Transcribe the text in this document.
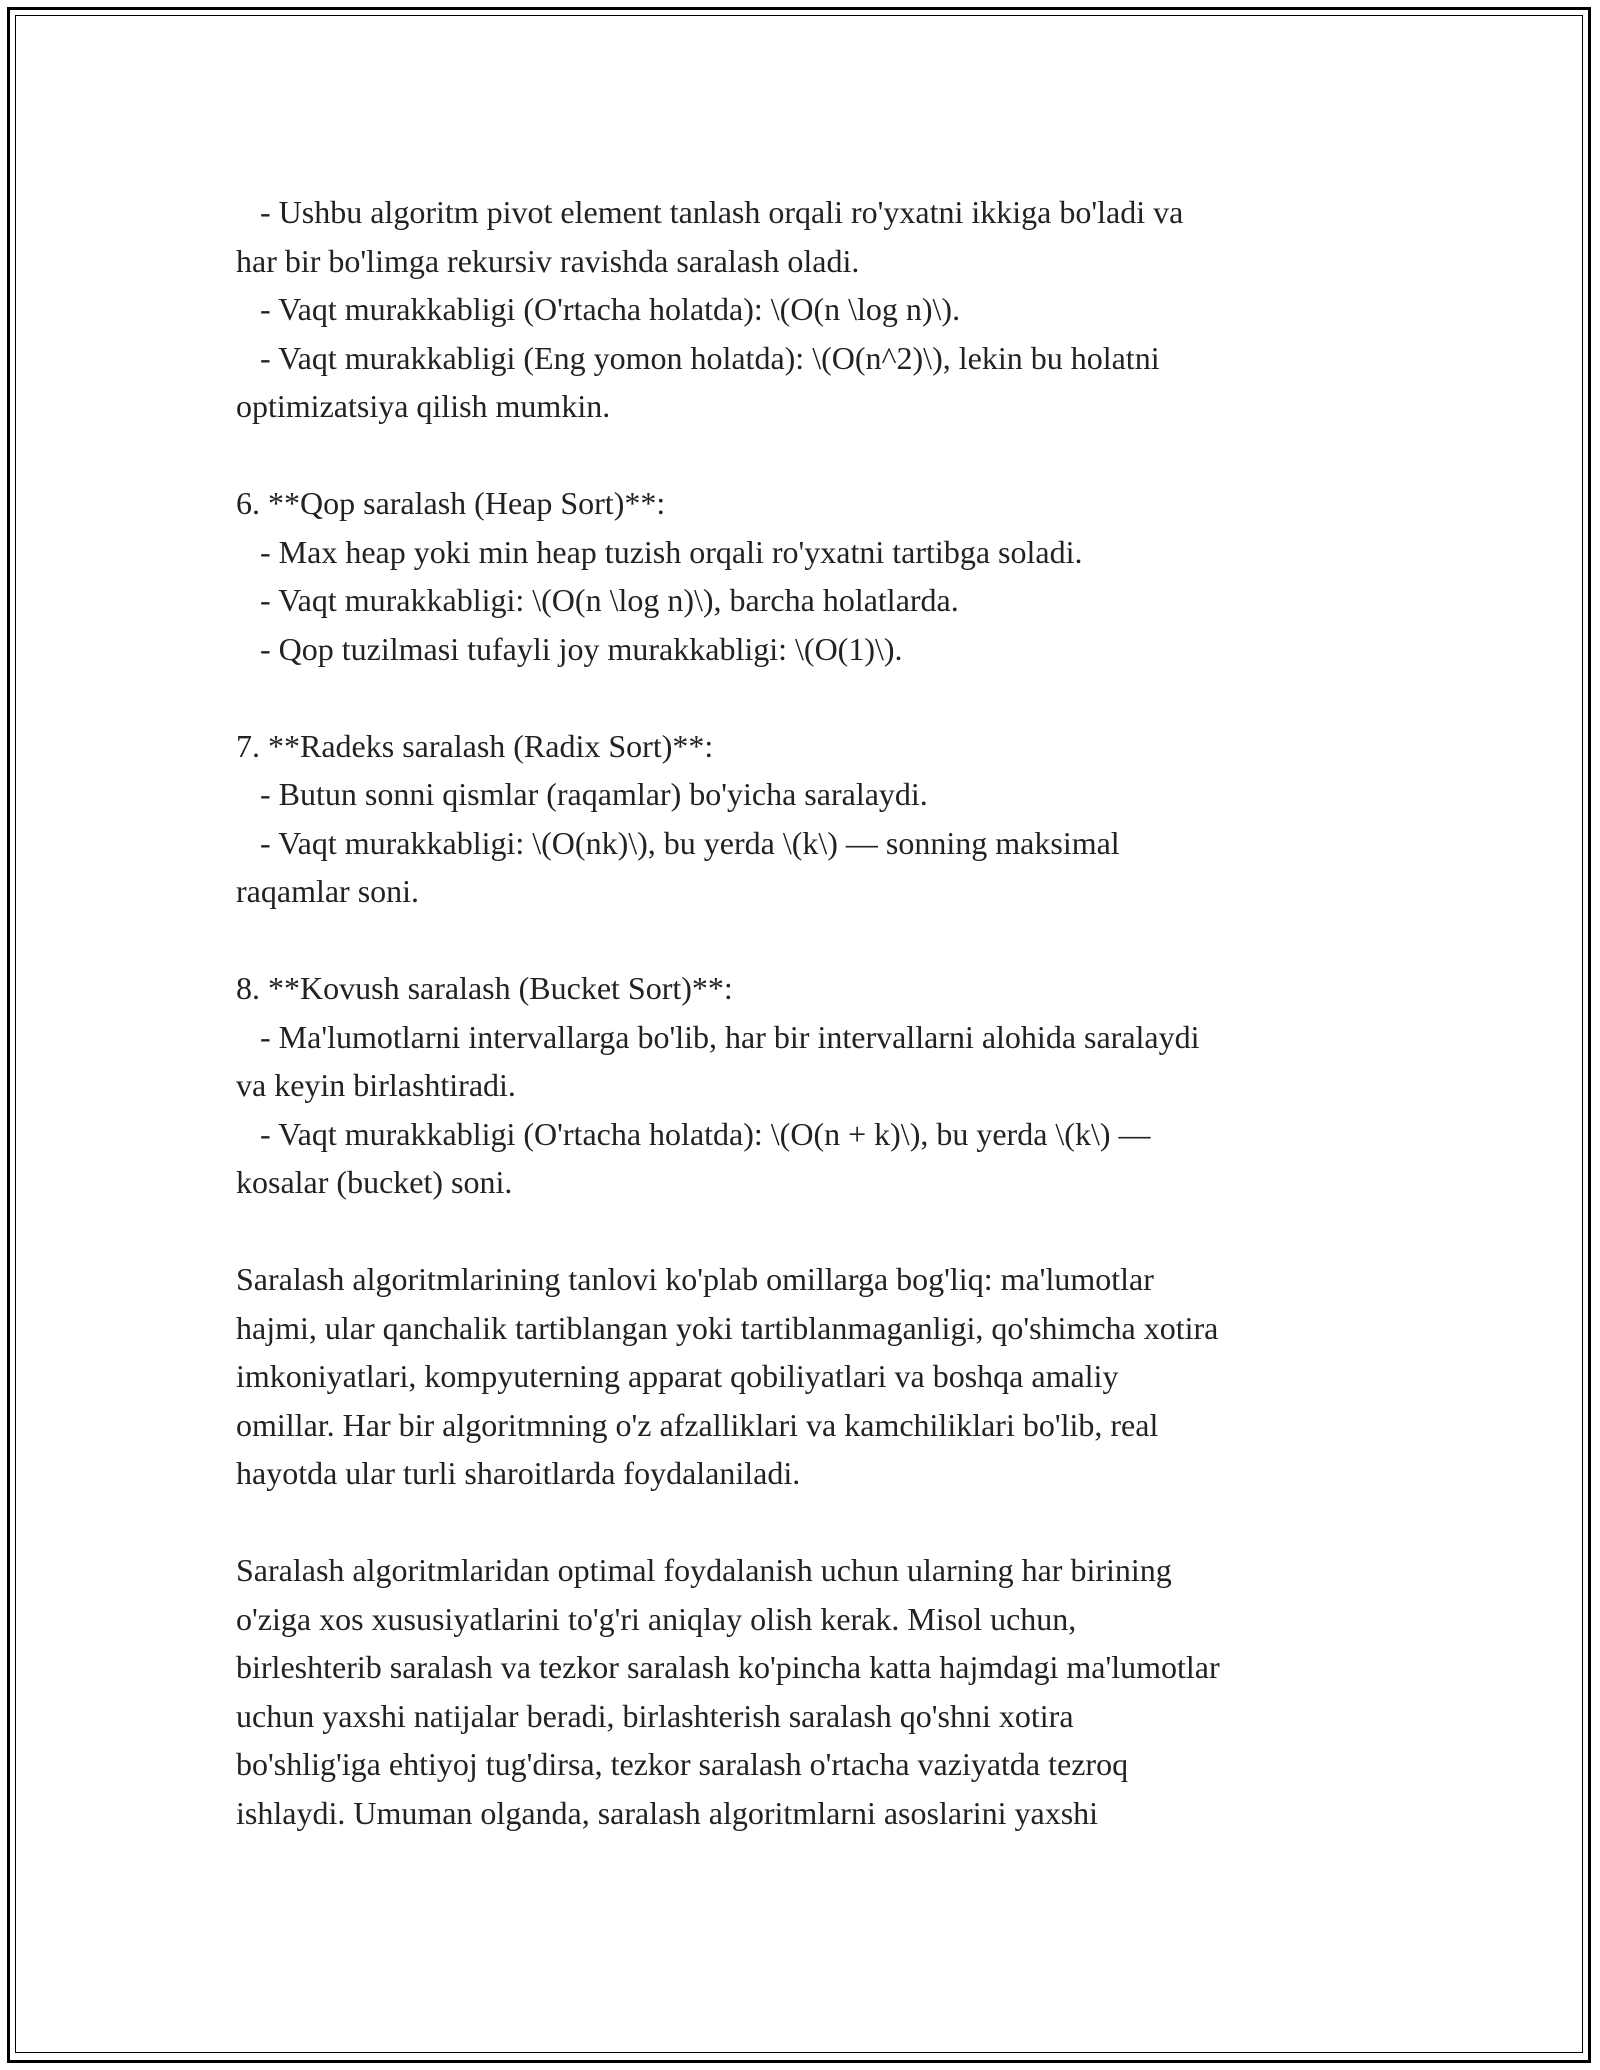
- Ushbu algoritm pivot element tanlash orqali ro'yxatni ikkiga bo'ladi va
har bir bo'limga rekursiv ravishda saralash oladi.
- Vaqt murakkabligi (O'rtacha holatda): \(O(n \log n)\).
- Vaqt murakkabligi (Eng yomon holatda): \(O(n^2)\), lekin bu holatni
optimizatsiya qilish mumkin.
6. **Qop saralash (Heap Sort)**:
- Max heap yoki min heap tuzish orqali ro'yxatni tartibga soladi.
- Vaqt murakkabligi: \(O(n \log n)\), barcha holatlarda.
- Qop tuzilmasi tufayli joy murakkabligi: \(O(1)\).
7. **Radeks saralash (Radix Sort)**:
- Butun sonni qismlar (raqamlar) bo'yicha saralaydi.
- Vaqt murakkabligi: \(O(nk)\), bu yerda \(k\) — sonning maksimal
raqamlar soni.
8. **Kovush saralash (Bucket Sort)**:
- Ma'lumotlarni intervallarga bo'lib, har bir intervallarni alohida saralaydi
va keyin birlashtiradi.
- Vaqt murakkabligi (O'rtacha holatda): \(O(n + k)\), bu yerda \(k\) —
kosalar (bucket) soni.
Saralash algoritmlarining tanlovi ko'plab omillarga bog'liq: ma'lumotlar
hajmi, ular qanchalik tartiblangan yoki tartiblanmaganligi, qo'shimcha xotira
imkoniyatlari, kompyuterning apparat qobiliyatlari va boshqa amaliy
omillar. Har bir algoritmning o'z afzalliklari va kamchiliklari bo'lib, real
hayotda ular turli sharoitlarda foydalaniladi.
Saralash algoritmlaridan optimal foydalanish uchun ularning har birining
o'ziga xos xususiyatlarini to'g'ri aniqlay olish kerak. Misol uchun,
birleshterib saralash va tezkor saralash ko'pincha katta hajmdagi ma'lumotlar
uchun yaxshi natijalar beradi, birlashterish saralash qo'shni xotira
bo'shlig'iga ehtiyoj tug'dirsa, tezkor saralash o'rtacha vaziyatda tezroq
ishlaydi. Umuman olganda, saralash algoritmlarni asoslarini yaxshi
